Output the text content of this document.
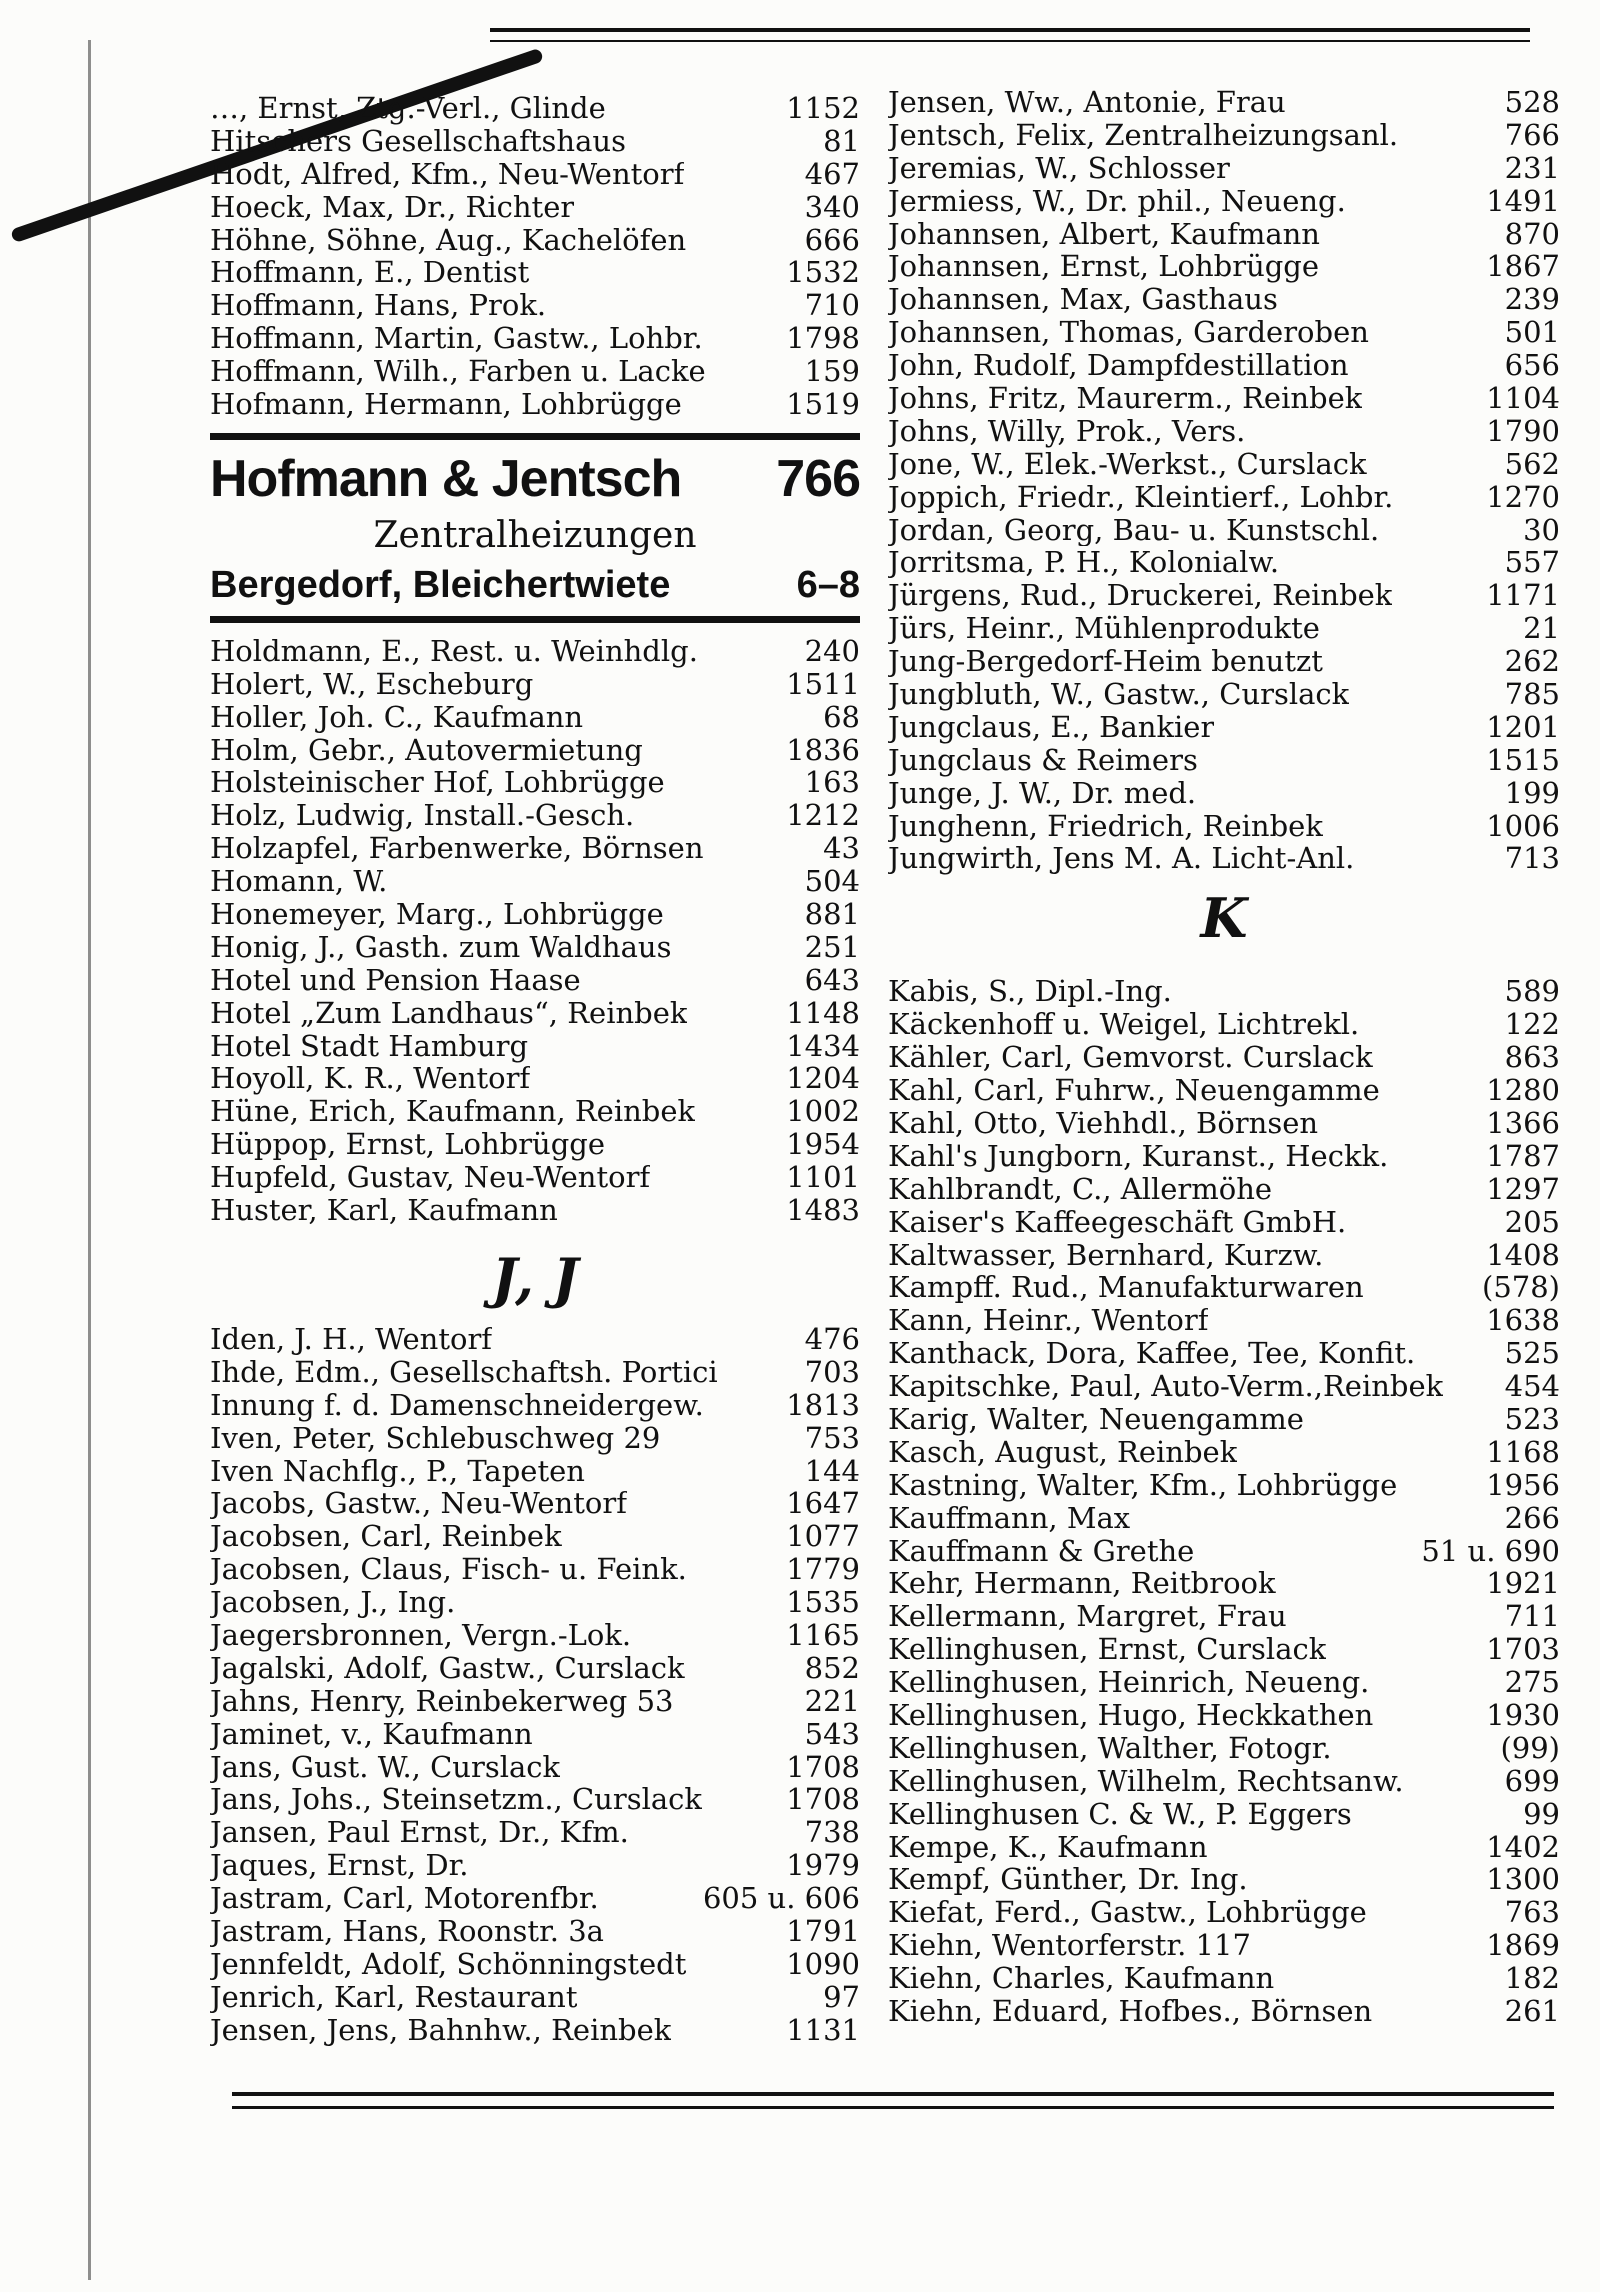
…, Ernst, Ztg.-Verl., Glinde	1152
Hitschers Gesellschaftshaus	81
Hodt, Alfred, Kfm., Neu-Wentorf	467
Hoeck, Max, Dr., Richter	340
Höhne, Söhne, Aug., Kachelöfen	666
Hoffmann, E., Dentist	1532
Hoffmann, Hans, Prok.	710
Hoffmann, Martin, Gastw., Lohbr.	1798
Hoffmann, Wilh., Farben u. Lacke	159
Hofmann, Hermann, Lohbrügge	1519
Hofmann & Jentsch 766
Zentralheizungen
Bergedorf, Bleichertwiete	6–8
Holdmann, E., Rest. u. Weinhdlg.	240
Holert, W., Escheburg	1511
Holler, Joh. C., Kaufmann	68
Holm, Gebr., Autovermietung	1836
Holsteinischer Hof, Lohbrügge	163
Holz, Ludwig, Install.-Gesch.	1212
Holzapfel, Farbenwerke, Börnsen	43
Homann, W.	504
Honemeyer, Marg., Lohbrügge	881
Honig, J., Gasth. zum Waldhaus	251
Hotel und Pension Haase	643
Hotel „Zum Landhaus“, Reinbek	1148
Hotel Stadt Hamburg	1434
Hoyoll, K. R., Wentorf	1204
Hüne, Erich, Kaufmann, Reinbek	1002
Hüppop, Ernst, Lohbrügge	1954
Hupfeld, Gustav, Neu-Wentorf	1101
Huster, Karl, Kaufmann	1483
J, J
Iden, J. H., Wentorf	476
Ihde, Edm., Gesellschaftsh. Portici	703
Innung f. d. Damenschneidergew.	1813
Iven, Peter, Schlebuschweg 29	753
Iven Nachflg., P., Tapeten	144
Jacobs, Gastw., Neu-Wentorf	1647
Jacobsen, Carl, Reinbek	1077
Jacobsen, Claus, Fisch- u. Feink.	1779
Jacobsen, J., Ing.	1535
Jaegersbronnen, Vergn.-Lok.	1165
Jagalski, Adolf, Gastw., Curslack	852
Jahns, Henry, Reinbekerweg 53	221
Jaminet, v., Kaufmann	543
Jans, Gust. W., Curslack	1708
Jans, Johs., Steinsetzm., Curslack	1708
Jansen, Paul Ernst, Dr., Kfm.	738
Jaques, Ernst, Dr.	1979
Jastram, Carl, Motorenfbr.	605 u. 606
Jastram, Hans, Roonstr. 3a	1791
Jennfeldt, Adolf, Schönningstedt	1090
Jenrich, Karl, Restaurant	97
Jensen, Jens, Bahnhw., Reinbek	1131
Jensen, Ww., Antonie, Frau	528
Jentsch, Felix, Zentralheizungsanl.	766
Jeremias, W., Schlosser	231
Jermiess, W., Dr. phil., Neueng.	1491
Johannsen, Albert, Kaufmann	870
Johannsen, Ernst, Lohbrügge	1867
Johannsen, Max, Gasthaus	239
Johannsen, Thomas, Garderoben	501
John, Rudolf, Dampfdestillation	656
Johns, Fritz, Maurerm., Reinbek	1104
Johns, Willy, Prok., Vers.	1790
Jone, W., Elek.-Werkst., Curslack	562
Joppich, Friedr., Kleintierf., Lohbr.	1270
Jordan, Georg, Bau- u. Kunstschl.	30
Jorritsma, P. H., Kolonialw.	557
Jürgens, Rud., Druckerei, Reinbek	1171
Jürs, Heinr., Mühlenprodukte	21
Jung-Bergedorf-Heim benutzt	262
Jungbluth, W., Gastw., Curslack	785
Jungclaus, E., Bankier	1201
Jungclaus & Reimers	1515
Junge, J. W., Dr. med.	199
Junghenn, Friedrich, Reinbek	1006
Jungwirth, Jens M. A. Licht-Anl.	713
K
Kabis, S., Dipl.-Ing.	589
Käckenhoff u. Weigel, Lichtrekl.	122
Kähler, Carl, Gemvorst. Curslack	863
Kahl, Carl, Fuhrw., Neuengamme	1280
Kahl, Otto, Viehhdl., Börnsen	1366
Kahl's Jungborn, Kuranst., Heckk.	1787
Kahlbrandt, C., Allermöhe	1297
Kaiser's Kaffeegeschäft GmbH.	205
Kaltwasser, Bernhard, Kurzw.	1408
Kampff. Rud., Manufakturwaren	(578)
Kann, Heinr., Wentorf	1638
Kanthack, Dora, Kaffee, Tee, Konfit.	525
Kapitschke, Paul, Auto-Verm.,Reinbek 454
Karig, Walter, Neuengamme	523
Kasch, August, Reinbek	1168
Kastning, Walter, Kfm., Lohbrügge	1956
Kauffmann, Max	266
Kauffmann & Grethe	51 u. 690
Kehr, Hermann, Reitbrook	1921
Kellermann, Margret, Frau	711
Kellinghusen, Ernst, Curslack	1703
Kellinghusen, Heinrich, Neueng.	275
Kellinghusen, Hugo, Heckkathen	1930
Kellinghusen, Walther, Fotogr.	(99)
Kellinghusen, Wilhelm, Rechtsanw.	699
Kellinghusen C. & W., P. Eggers	99
Kempe, K., Kaufmann	1402
Kempf, Günther, Dr. Ing.	1300
Kiefat, Ferd., Gastw., Lohbrügge	763
Kiehn, Wentorferstr. 117	1869
Kiehn, Charles, Kaufmann	182
Kiehn, Eduard, Hofbes., Börnsen	261
